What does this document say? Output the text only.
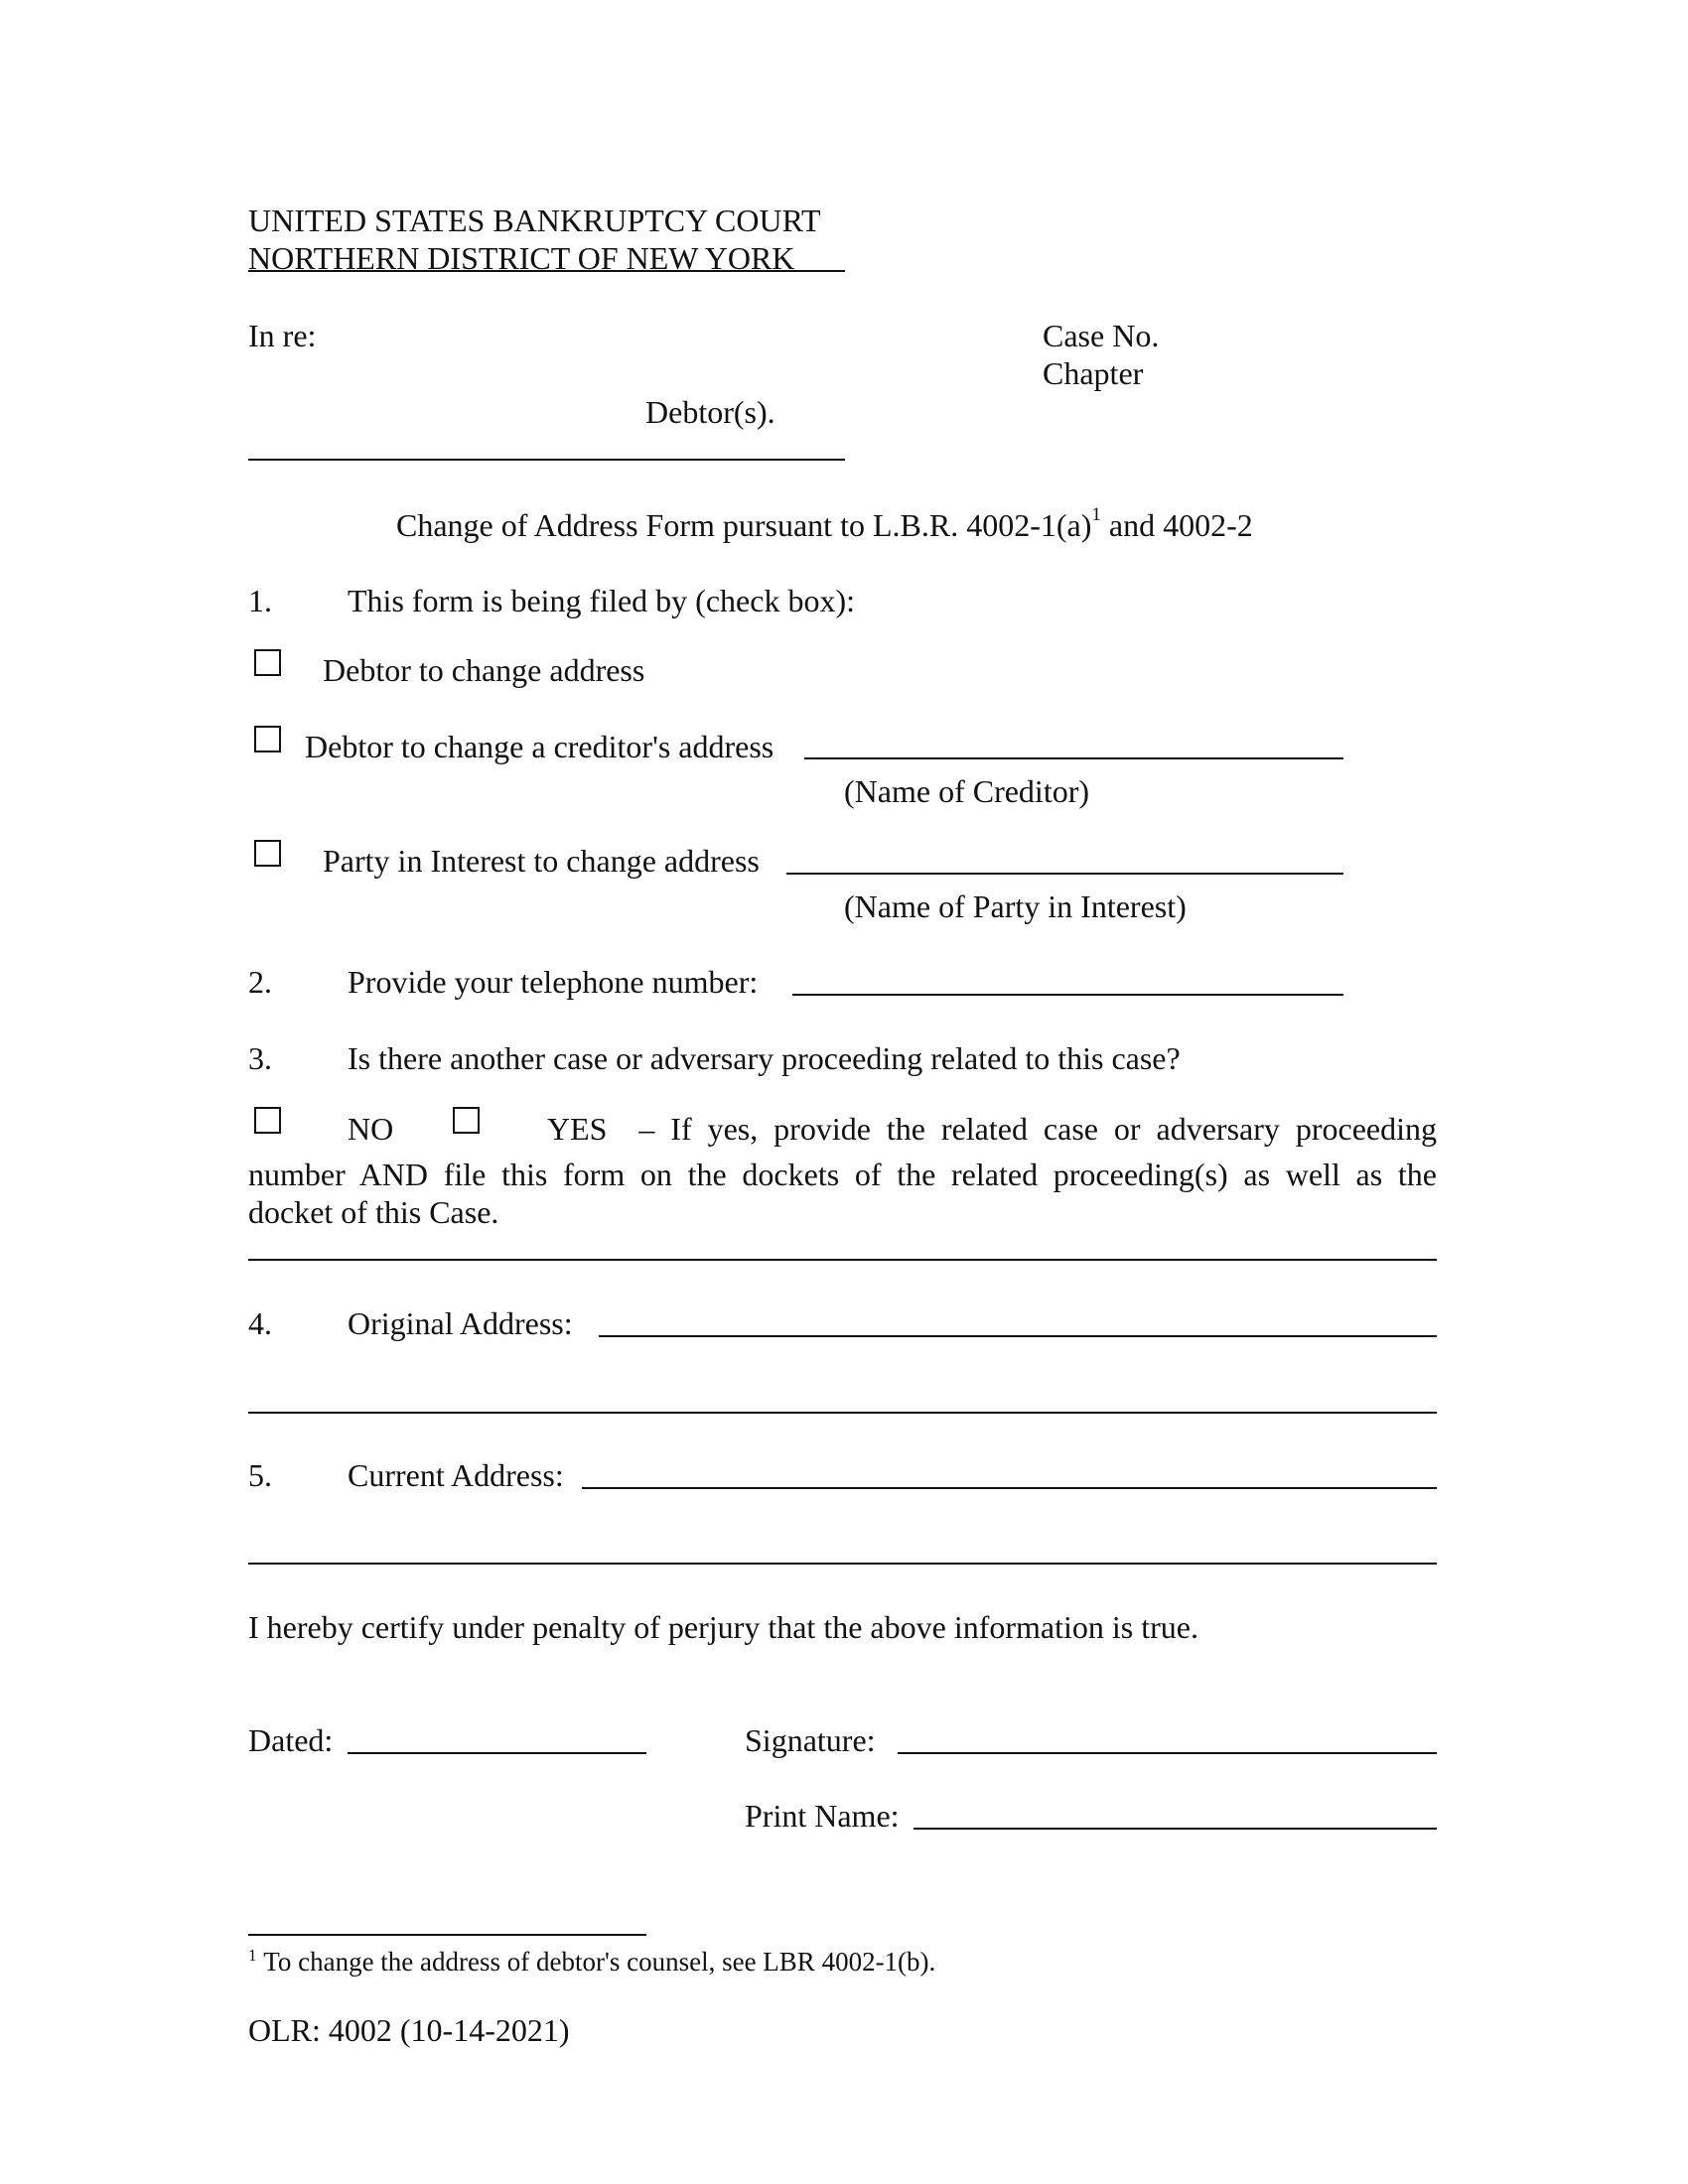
UNITED STATES BANKRUPTCY COURT
NORTHERN DISTRICT OF NEW YORK
In re:	Case No.
Chapter
Debtor(s).
Change of Address Form pursuant to L.B.R. $4002-1(a)^1$ and 4002-2
1. This form is being filed by (check box):
Debtor to change address
Debtor to change a creditor's address
(Name of Creditor)
Party in Interest to change address
(Name of Party in Interest)
2. Provide your telephone number:
3. Is there another case or adversary proceeding related to this case?
NO	YES – If yes, provide the related case or adversary proceeding
number AND file this form on the dockets of the related proceeding(s) as well as the
docket of this Case.
4. Original Address:
5. Current Address:
I hereby certify under penalty of perjury that the above information is true.
Dated:	Signature:
Print Name:
$^1$ To change the address of debtor's counsel, see LBR 4002-1(b).
OLR: 4002 (10-14-2021)
